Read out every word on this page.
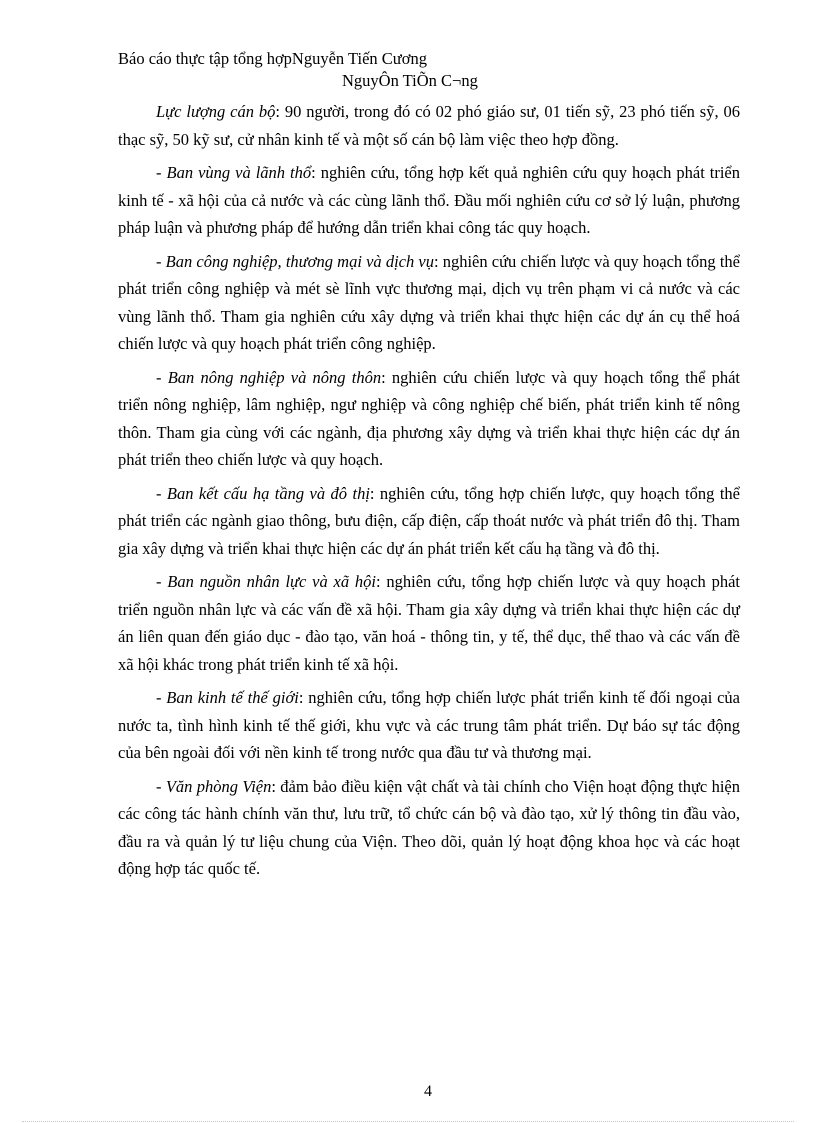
Báo cáo thực tập tổng hợpNguyễn Tiến Cương
NguyÔn TiÕn C¬ng

Lực lượng cán bộ: 90 người, trong đó có 02 phó giáo sư, 01 tiến sỹ, 23 phó tiến sỹ, 06 thạc sỹ, 50 kỹ sư, cử nhân kinh tế và một số cán bộ làm việc theo hợp đồng.

- Ban vùng và lãnh thổ: nghiên cứu, tổng hợp kết quả nghiên cứu quy hoạch phát triển kinh tế - xã hội của cả nước và các cùng lãnh thổ. Đầu mối nghiên cứu cơ sở lý luận, phương pháp luận và phương pháp để hướng dẫn triển khai công tác quy hoạch.

- Ban công nghiệp, thương mại và dịch vụ: nghiên cứu chiến lược và quy hoạch tổng thể phát triển công nghiệp và mét sè lĩnh vực thương mại, dịch vụ trên phạm vi cả nước và các vùng lãnh thổ. Tham gia nghiên cứu xây dựng và triển khai thực hiện các dự án cụ thể hoá chiến lược và quy hoạch phát triển công nghiệp.

- Ban nông nghiệp và nông thôn: nghiên cứu chiến lược và quy hoạch tổng thể phát triển nông nghiệp, lâm nghiệp, ngư nghiệp và công nghiệp chế biến, phát triển kinh tế nông thôn. Tham gia cùng với các ngành, địa phương xây dựng và triển khai thực hiện các dự án phát triển theo chiến lược và quy hoạch.

- Ban kết cấu hạ tầng và đô thị: nghiên cứu, tổng hợp chiến lược, quy hoạch tổng thể phát triển các ngành giao thông, bưu điện, cấp điện, cấp thoát nước và phát triển đô thị. Tham gia xây dựng và triển khai thực hiện các dự án phát triển kết cấu hạ tầng và đô thị.

- Ban nguồn nhân lực và xã hội: nghiên cứu, tổng hợp chiến lược và quy hoạch phát triển nguồn nhân lực và các vấn đề xã hội. Tham gia xây dựng và triển khai thực hiện các dự án liên quan đến giáo dục - đào tạo, văn hoá - thông tin, y tế, thể dục, thể thao và các vấn đề xã hội khác trong phát triển kinh tế xã hội.

- Ban kinh tế thế giới: nghiên cứu, tổng hợp chiến lược phát triển kinh tế đối ngoại của nước ta, tình hình kinh tế thế giới, khu vực và các trung tâm phát triển. Dự báo sự tác động của bên ngoài đối với nền kinh tế trong nước qua đầu tư và thương mại.

- Văn phòng Viện: đảm bảo điều kiện vật chất và tài chính cho Viện hoạt động thực hiện các công tác hành chính văn thư, lưu trữ, tổ chức cán bộ và đào tạo, xử lý thông tin đầu vào, đầu ra và quản lý tư liệu chung của Viện. Theo dõi, quản lý hoạt động khoa học và các hoạt động hợp tác quốc tế.

4
